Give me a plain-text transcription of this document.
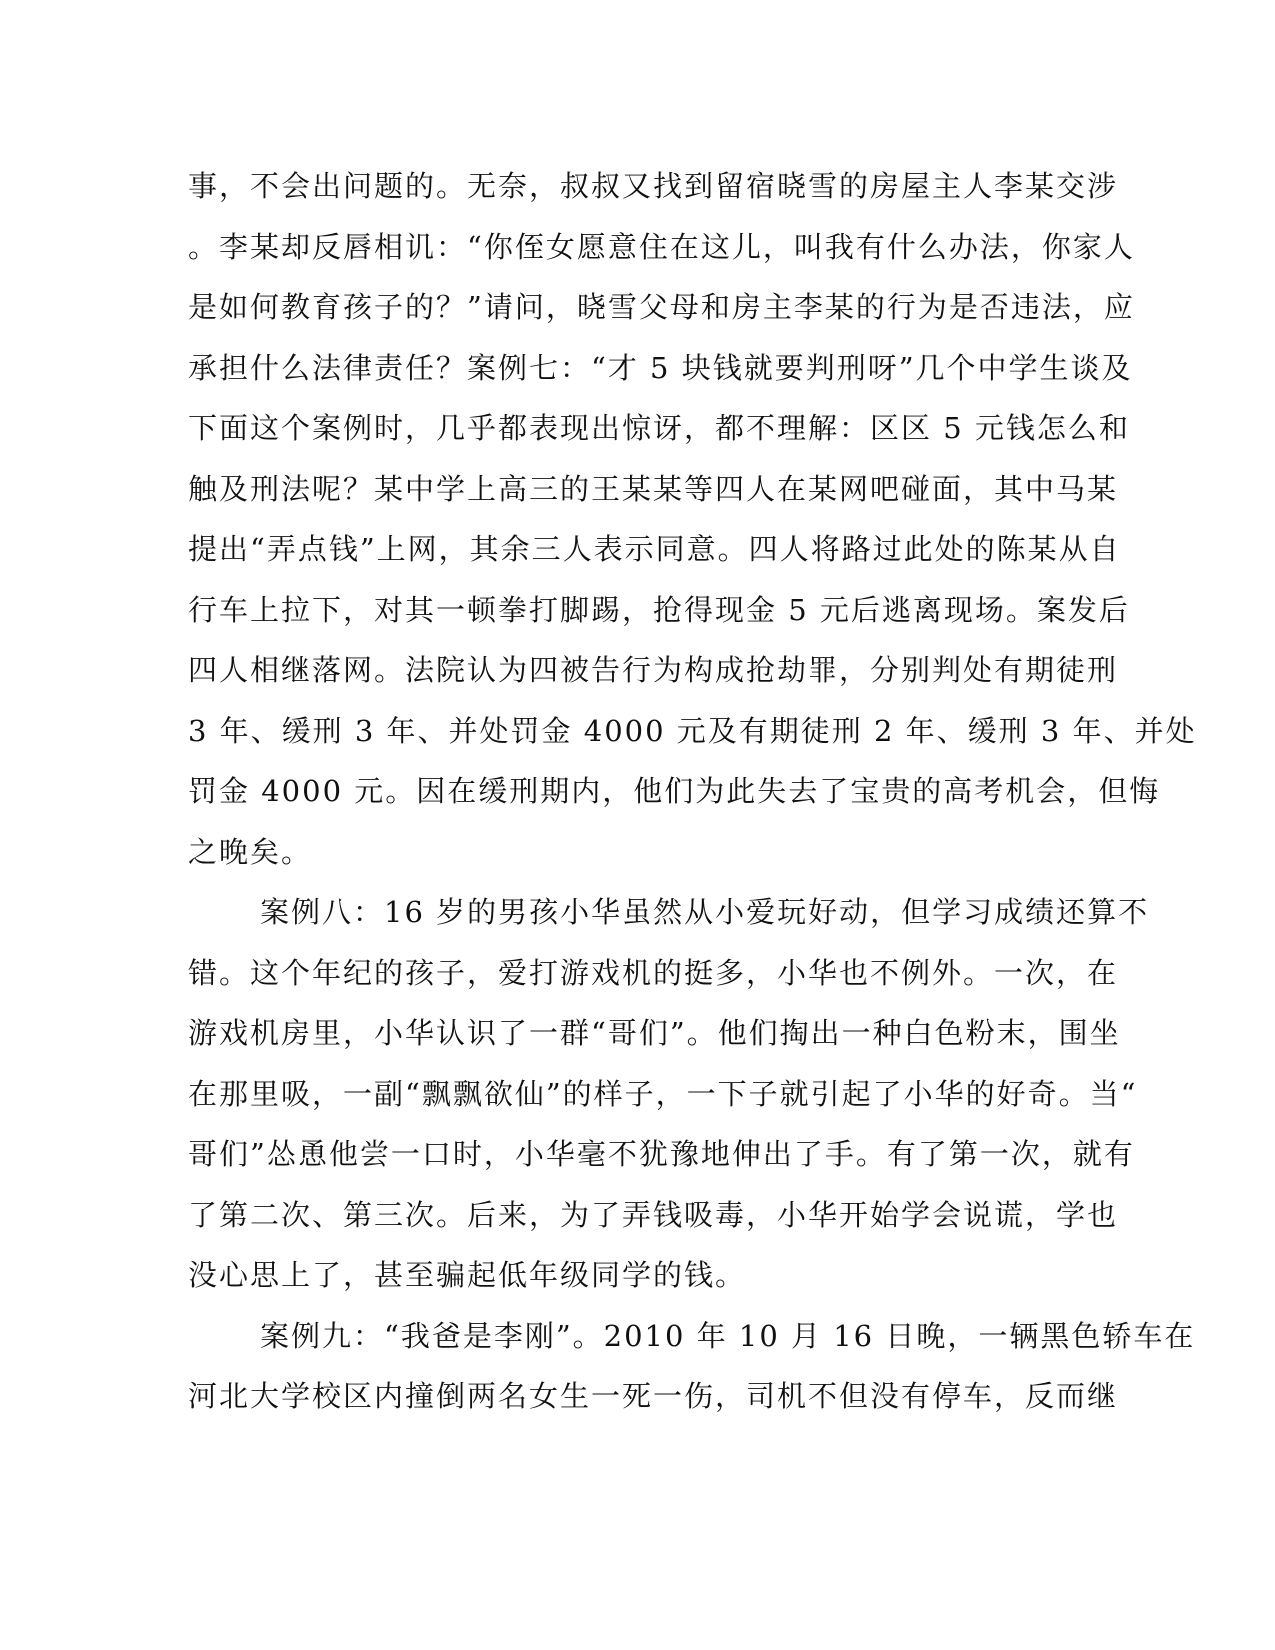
事，不会出问题的。无奈，叔叔又找到留宿晓雪的房屋主人李某交涉

。李某却反唇相讥：“你侄女愿意住在这儿，叫我有什么办法，你家人

是如何教育孩子的？”请问，晓雪父母和房主李某的行为是否违法，应

承担什么法律责任？案例七：“才 5 块钱就要判刑呀”几个中学生谈及

下面这个案例时，几乎都表现出惊讶，都不理解：区区 5 元钱怎么和

触及刑法呢？某中学上高三的王某某等四人在某网吧碰面，其中马某

提出“弄点钱”上网，其余三人表示同意。四人将路过此处的陈某从自

行车上拉下，对其一顿拳打脚踢，抢得现金 5 元后逃离现场。案发后

四人相继落网。法院认为四被告行为构成抢劫罪，分别判处有期徒刑

3 年、缓刑 3 年、并处罚金 4000 元及有期徒刑 2 年、缓刑 3 年、并处

罚金 4000 元。因在缓刑期内，他们为此失去了宝贵的高考机会，但悔

之晚矣。

案例八：16 岁的男孩小华虽然从小爱玩好动，但学习成绩还算不

错。这个年纪的孩子，爱打游戏机的挺多，小华也不例外。一次，在

游戏机房里，小华认识了一群“哥们”。他们掏出一种白色粉末，围坐

在那里吸，一副“飘飘欲仙”的样子，一下子就引起了小华的好奇。当“

哥们”怂恿他尝一口时，小华毫不犹豫地伸出了手。有了第一次，就有

了第二次、第三次。后来，为了弄钱吸毒，小华开始学会说谎，学也

没心思上了，甚至骗起低年级同学的钱。

案例九：“我爸是李刚”。2010 年 10 月 16 日晚，一辆黑色轿车在

河北大学校区内撞倒两名女生一死一伤，司机不但没有停车，反而继
